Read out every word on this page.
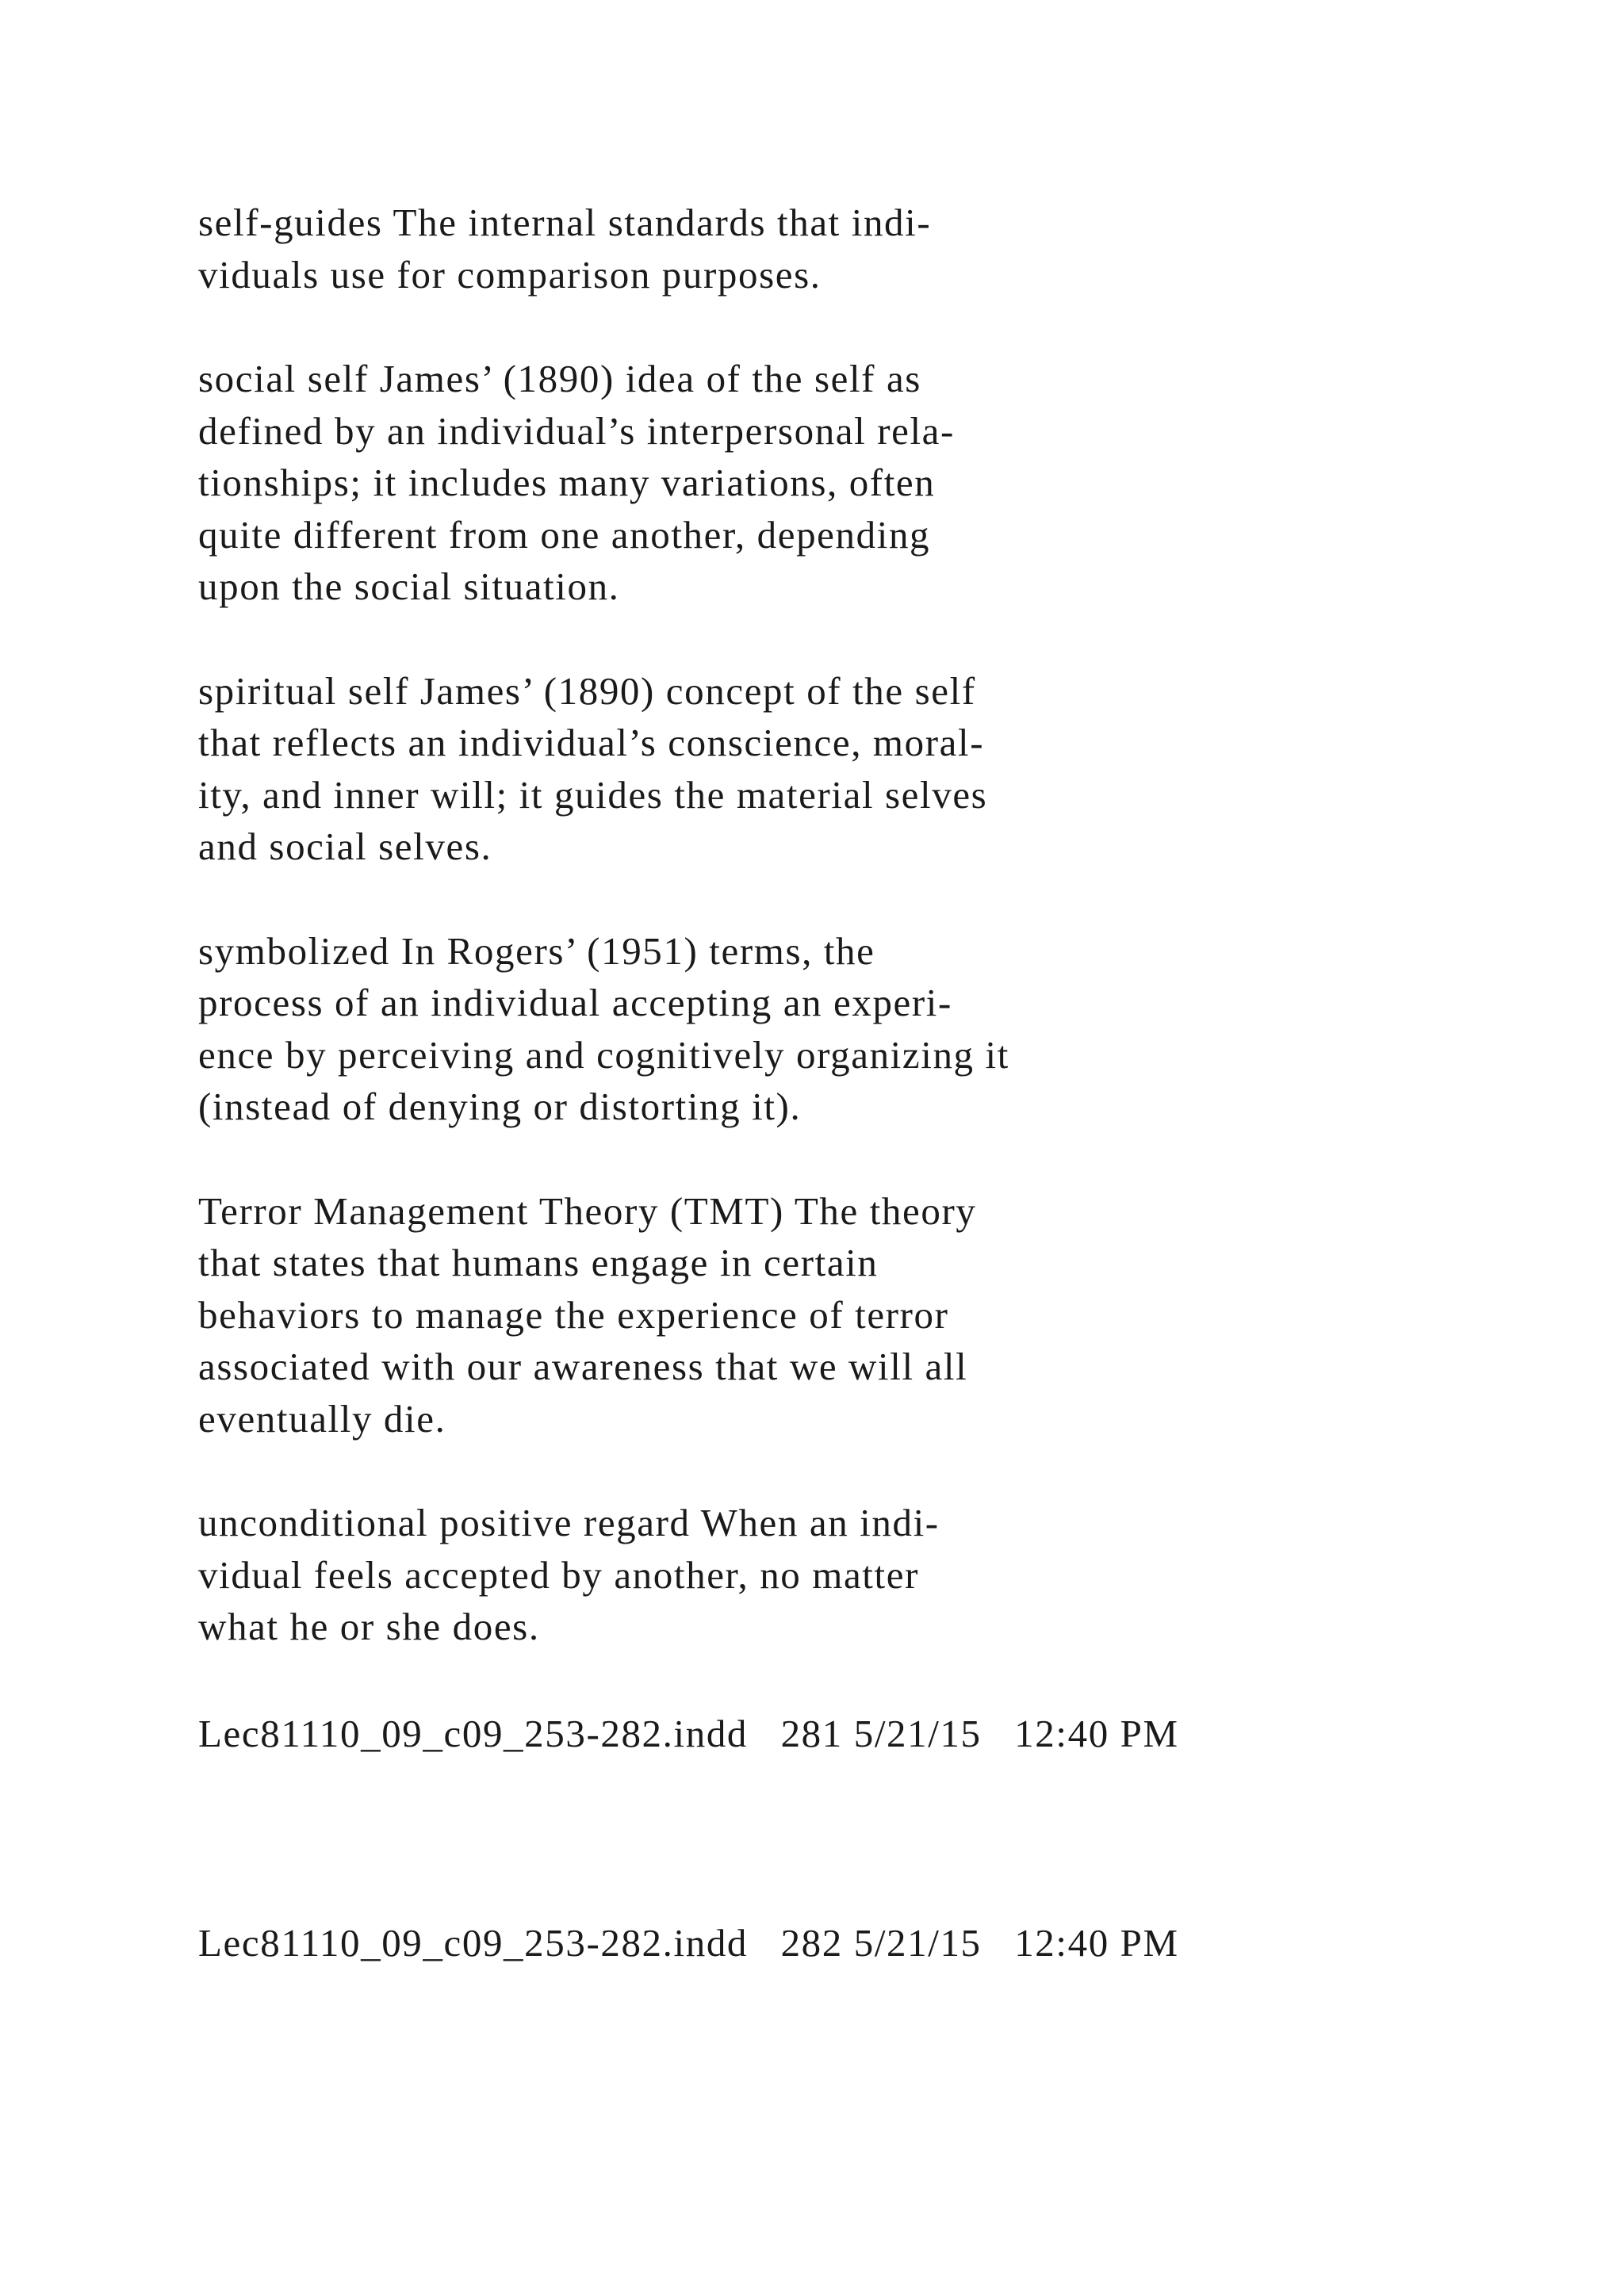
self-guides The internal standards that indi-
viduals use for comparison purposes.
social self James’ (1890) idea of the self as
defined by an individual’s interpersonal rela-
tionships; it includes many variations, often
quite different from one another, depending
upon the social situation.
spiritual self James’ (1890) concept of the self
that reflects an individual’s conscience, moral-
ity, and inner will; it guides the material selves
and social selves.
symbolized In Rogers’ (1951) terms, the
process of an individual accepting an experi-
ence by perceiving and cognitively organizing it
(instead of denying or distorting it).
Terror Management Theory (TMT) The theory
that states that humans engage in certain
behaviors to manage the experience of terror
associated with our awareness that we will all
eventually die.
unconditional positive regard When an indi-
vidual feels accepted by another, no matter
what he or she does.
Lec81110_09_c09_253-282.indd   281 5/21/15   12:40 PM
Lec81110_09_c09_253-282.indd   282 5/21/15   12:40 PM
